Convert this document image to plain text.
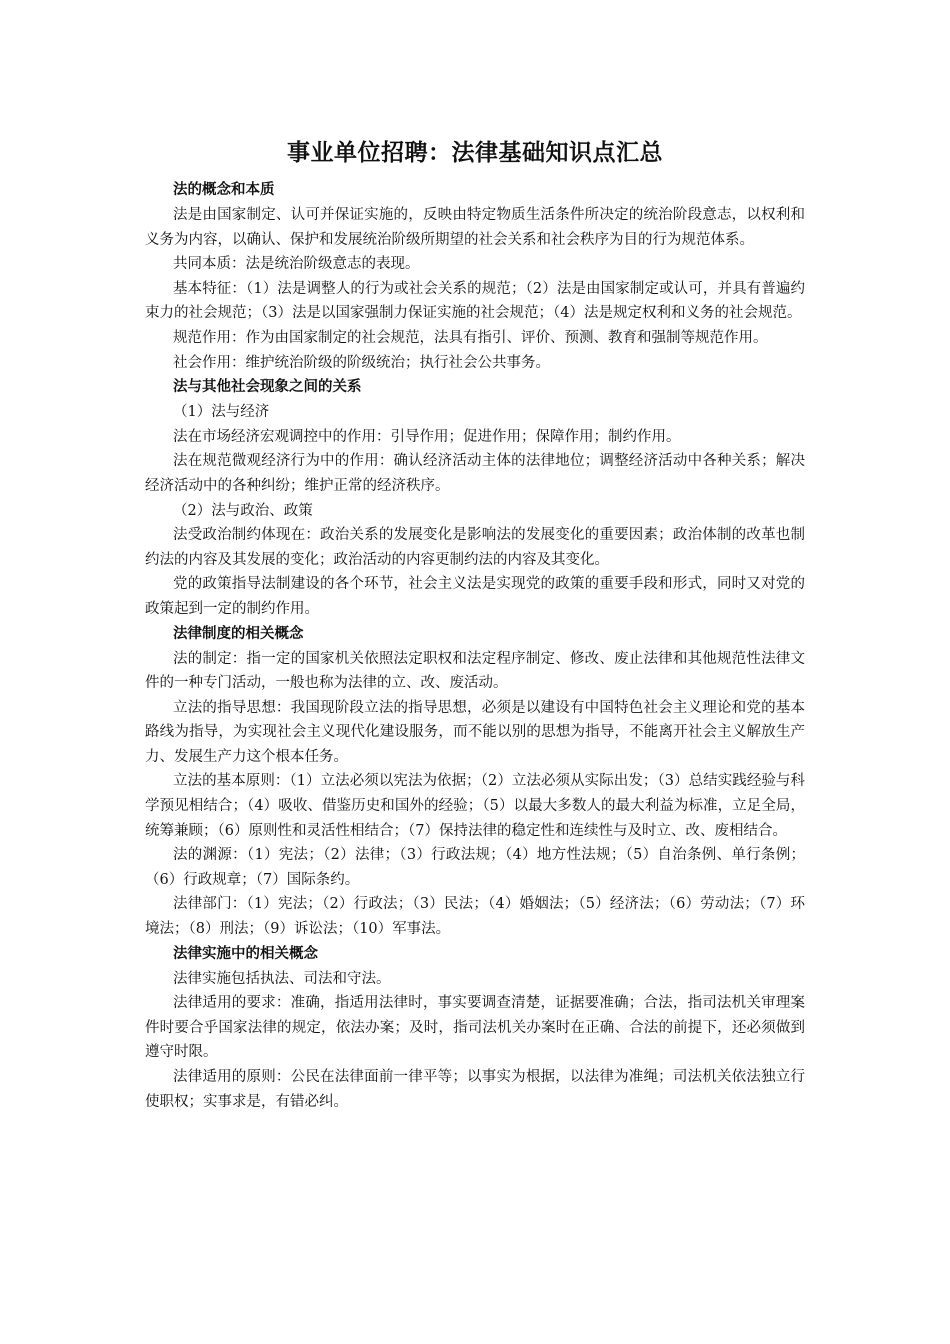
事业单位招聘：法律基础知识点汇总
法的概念和本质

法是由国家制定、认可并保证实施的，反映由特定物质生活条件所决定的统治阶段意志，以权利和义务为内容，以确认、保护和发展统治阶级所期望的社会关系和社会秩序为目的行为规范体系。

共同本质：法是统治阶级意志的表现。

基本特征：（1）法是调整人的行为或社会关系的规范；（2）法是由国家制定或认可，并具有普遍约束力的社会规范；（3）法是以国家强制力保证实施的社会规范；（4）法是规定权利和义务的社会规范。

规范作用：作为由国家制定的社会规范，法具有指引、评价、预测、教育和强制等规范作用。

社会作用：维护统治阶级的阶级统治；执行社会公共事务。

法与其他社会现象之间的关系

（1）法与经济

法在市场经济宏观调控中的作用：引导作用；促进作用；保障作用；制约作用。

法在规范微观经济行为中的作用：确认经济活动主体的法律地位；调整经济活动中各种关系；解决经济活动中的各种纠纷；维护正常的经济秩序。

（2）法与政治、政策

法受政治制约体现在：政治关系的发展变化是影响法的发展变化的重要因素；政治体制的改革也制约法的内容及其发展的变化；政治活动的内容更制约法的内容及其变化。

党的政策指导法制建设的各个环节，社会主义法是实现党的政策的重要手段和形式，同时又对党的政策起到一定的制约作用。

法律制度的相关概念

法的制定：指一定的国家机关依照法定职权和法定程序制定、修改、废止法律和其他规范性法律文件的一种专门活动，一般也称为法律的立、改、废活动。

立法的指导思想：我国现阶段立法的指导思想，必须是以建设有中国特色社会主义理论和党的基本路线为指导，为实现社会主义现代化建设服务，而不能以别的思想为指导，不能离开社会主义解放生产力、发展生产力这个根本任务。

立法的基本原则：（1）立法必须以宪法为依据；（2）立法必须从实际出发；（3）总结实践经验与科学预见相结合；（4）吸收、借鉴历史和国外的经验；（5）以最大多数人的最大利益为标准，立足全局，统筹兼顾；（6）原则性和灵活性相结合；（7）保持法律的稳定性和连续性与及时立、改、废相结合。

法的渊源：（1）宪法；（2）法律；（3）行政法规；（4）地方性法规；（5）自治条例、单行条例；（6）行政规章；（7）国际条约。

法律部门：（1）宪法；（2）行政法；（3）民法；（4）婚姻法；（5）经济法；（6）劳动法；（7）环境法；（8）刑法；（9）诉讼法；（10）军事法。

法律实施中的相关概念

法律实施包括执法、司法和守法。

法律适用的要求：准确，指适用法律时，事实要调查清楚，证据要准确；合法，指司法机关审理案件时要合乎国家法律的规定，依法办案；及时，指司法机关办案时在正确、合法的前提下，还必须做到遵守时限。

法律适用的原则：公民在法律面前一律平等；以事实为根据，以法律为准绳；司法机关依法独立行使职权；实事求是，有错必纠。
